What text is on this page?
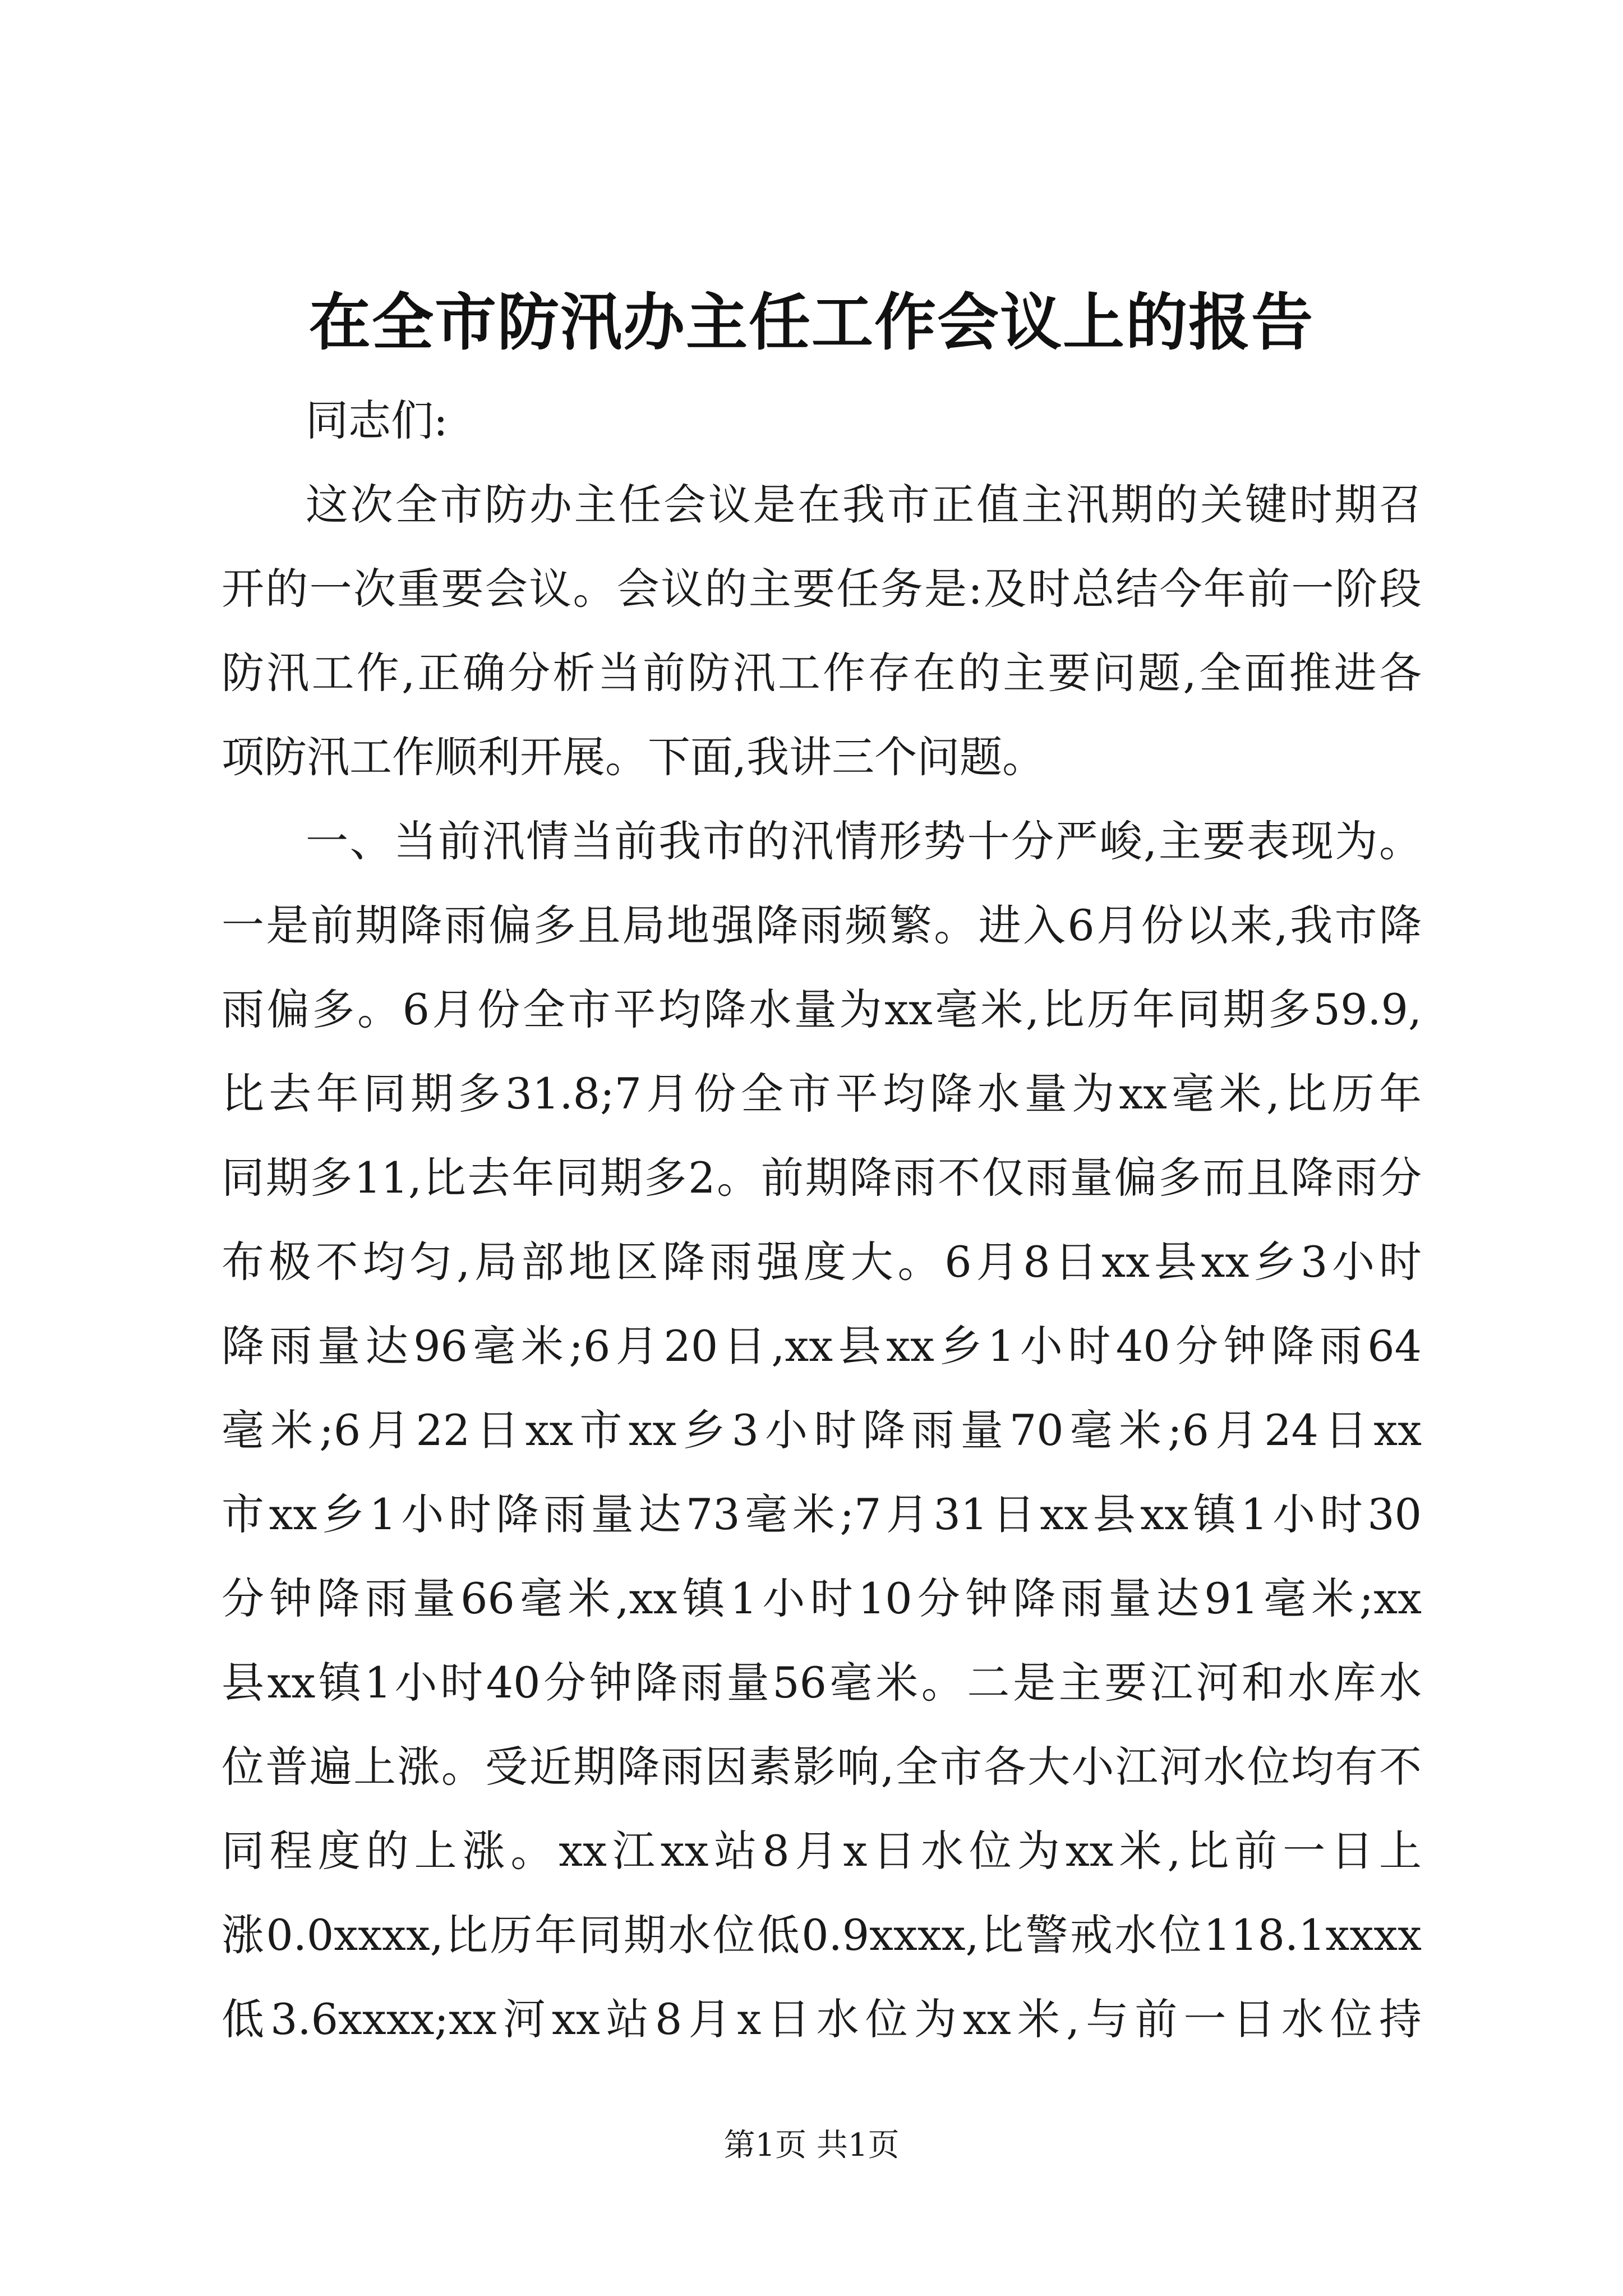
在全市防汛办主任工作会议上的报告
同志们:
这次全市防办主任会议是在我市正值主汛期的关键时期召
开的一次重要会议。会议的主要任务是:及时总结今年前一阶段
防汛工作,正确分析当前防汛工作存在的主要问题,全面推进各
项防汛工作顺利开展。下面,我讲三个问题。
一、当前汛情当前我市的汛情形势十分严峻,主要表现为。
一是前期降雨偏多且局地强降雨频繁。进入6月份以来,我市降
雨偏多。6月份全市平均降水量为xx毫米,比历年同期多59.9,
比去年同期多31.8;7月份全市平均降水量为xx毫米,比历年
同期多11,比去年同期多2。前期降雨不仅雨量偏多而且降雨分
布极不均匀,局部地区降雨强度大。6月8日xx县xx乡3小时
降雨量达96毫米;6月20日,xx县xx乡1小时40分钟降雨64
毫米;6月22日xx市xx乡3小时降雨量70毫米;6月24日xx
市xx乡1小时降雨量达73毫米;7月31日xx县xx镇1小时30
分钟降雨量66毫米,xx镇1小时10分钟降雨量达91毫米;xx
县xx镇1小时40分钟降雨量56毫米。二是主要江河和水库水
位普遍上涨。受近期降雨因素影响,全市各大小江河水位均有不
同程度的上涨。xx江xx站8月x日水位为xx米,比前一日上
涨0.0xxxx,比历年同期水位低0.9xxxx,比警戒水位118.1xxxx
低3.6xxxx;xx河xx站8月x日水位为xx米,与前一日水位持
第1页 共1页
